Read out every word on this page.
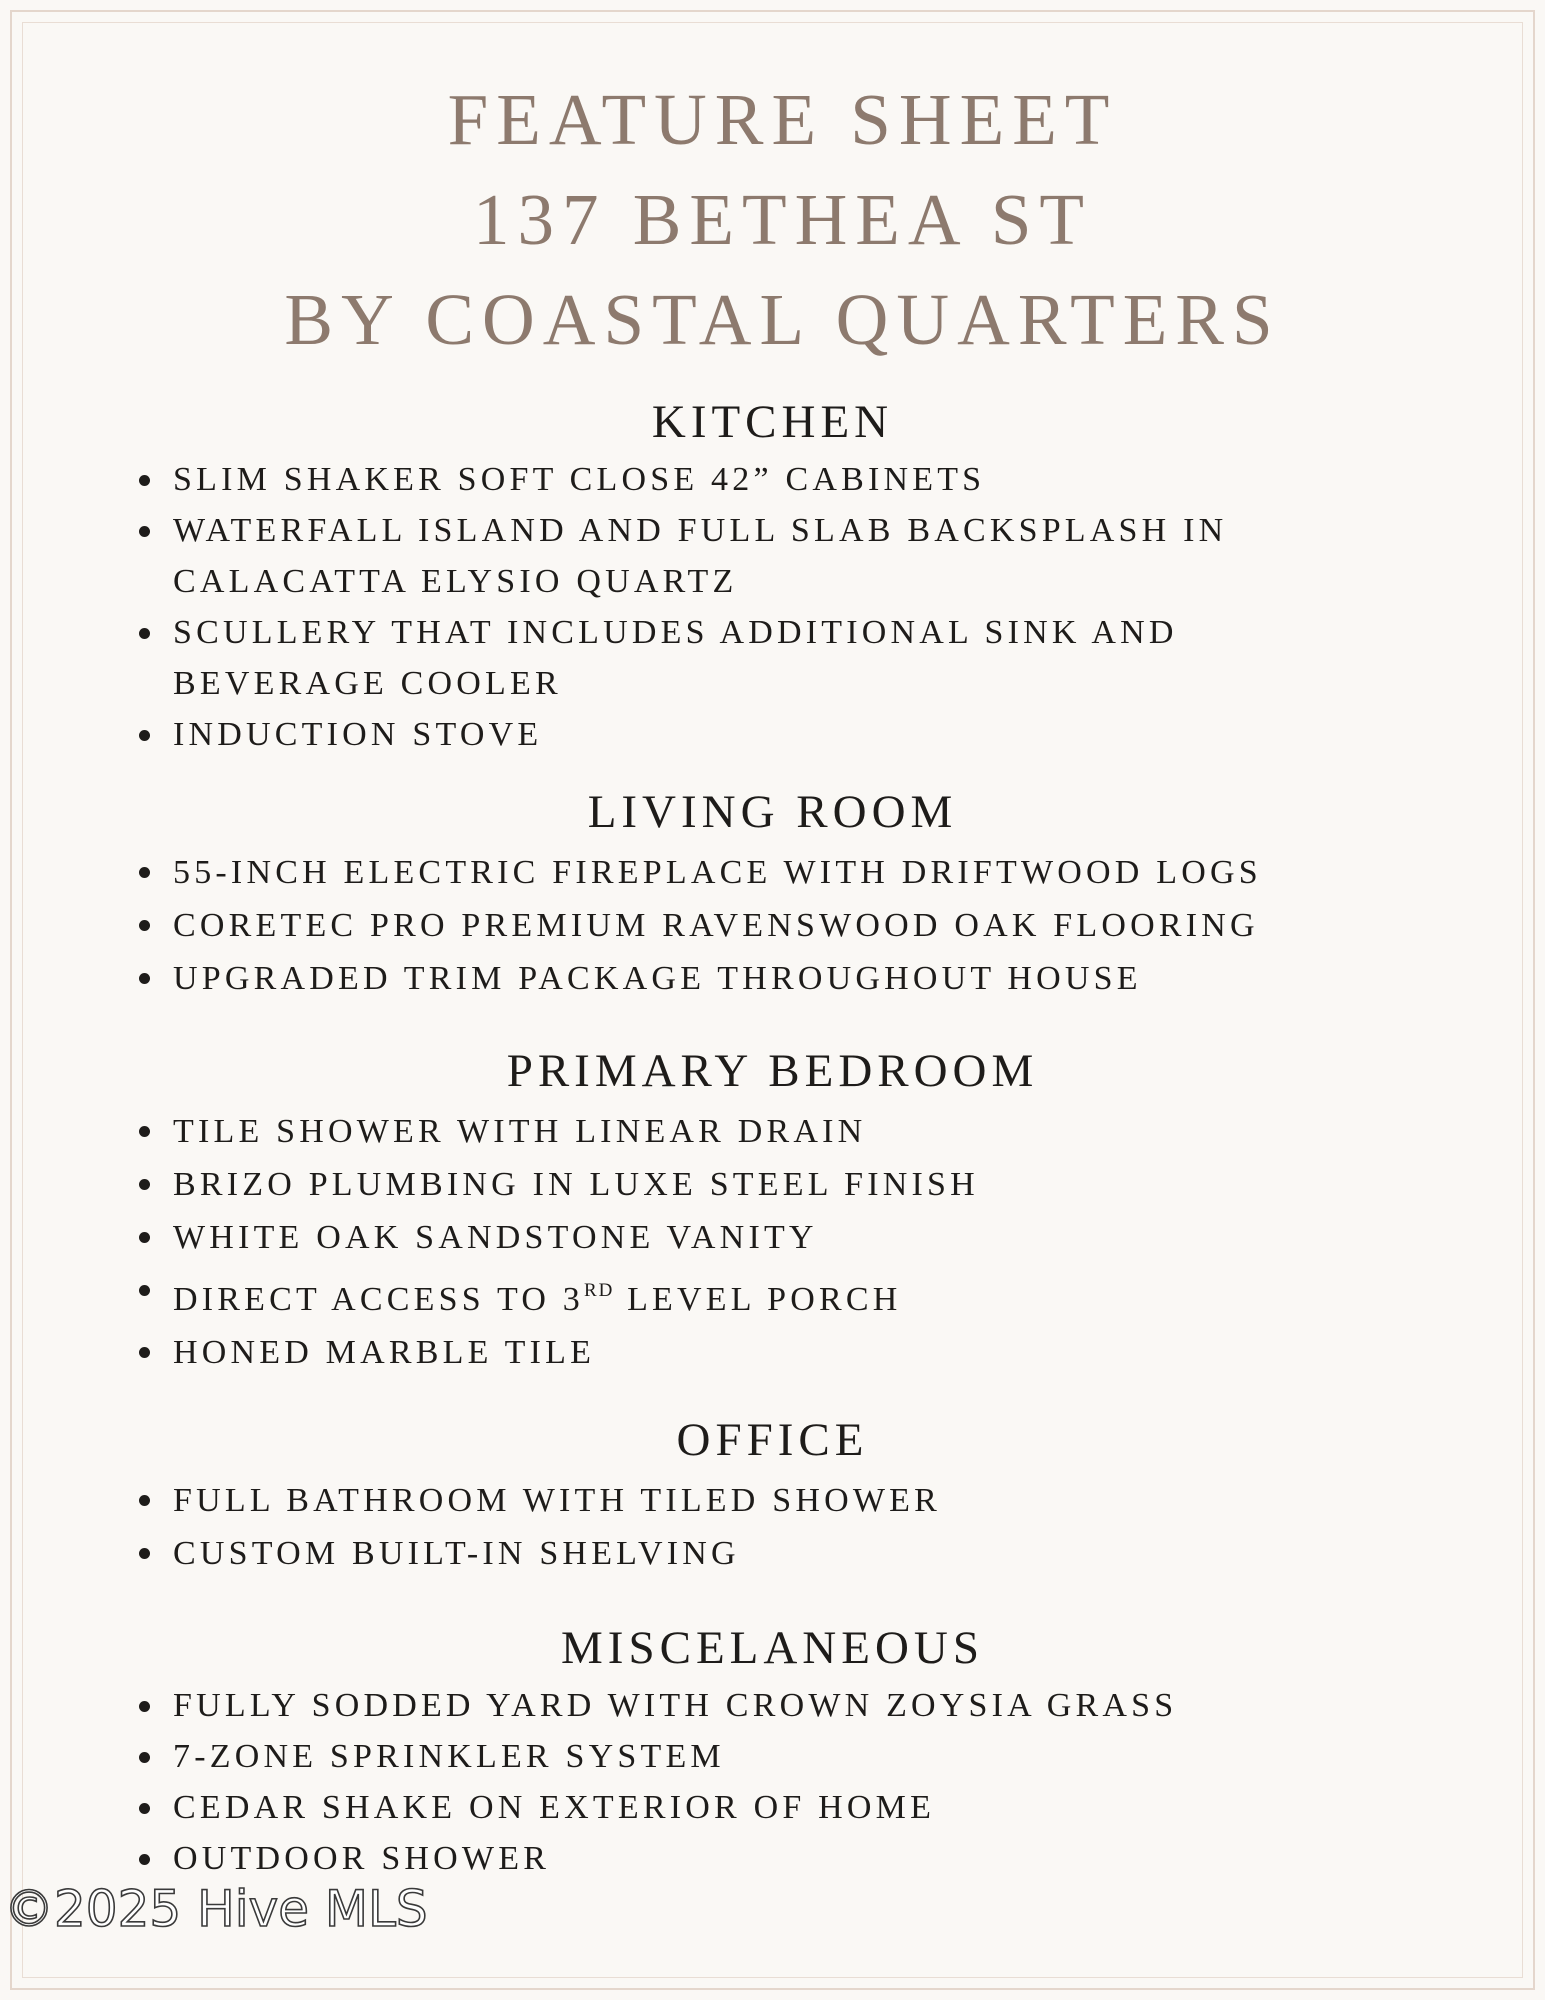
FEATURE SHEET
137 BETHEA ST
BY COASTAL QUARTERS
KITCHEN
SLIM SHAKER SOFT CLOSE 42” CABINETS
WATERFALL ISLAND AND FULL SLAB BACKSPLASH IN
CALACATTA ELYSIO QUARTZ
SCULLERY THAT INCLUDES ADDITIONAL SINK AND
BEVERAGE COOLER
INDUCTION STOVE
LIVING ROOM
55-INCH ELECTRIC FIREPLACE WITH DRIFTWOOD LOGS
CORETEC PRO PREMIUM RAVENSWOOD OAK FLOORING
UPGRADED TRIM PACKAGE THROUGHOUT HOUSE
PRIMARY BEDROOM
TILE SHOWER WITH LINEAR DRAIN
BRIZO PLUMBING IN LUXE STEEL FINISH
WHITE OAK SANDSTONE VANITY
DIRECT ACCESS TO 3RD LEVEL PORCH
HONED MARBLE TILE
OFFICE
FULL BATHROOM WITH TILED SHOWER
CUSTOM BUILT-IN SHELVING
MISCELANEOUS
FULLY SODDED YARD WITH CROWN ZOYSIA GRASS
7-ZONE SPRINKLER SYSTEM
CEDAR SHAKE ON EXTERIOR OF HOME
OUTDOOR SHOWER
©2025 Hive MLS
